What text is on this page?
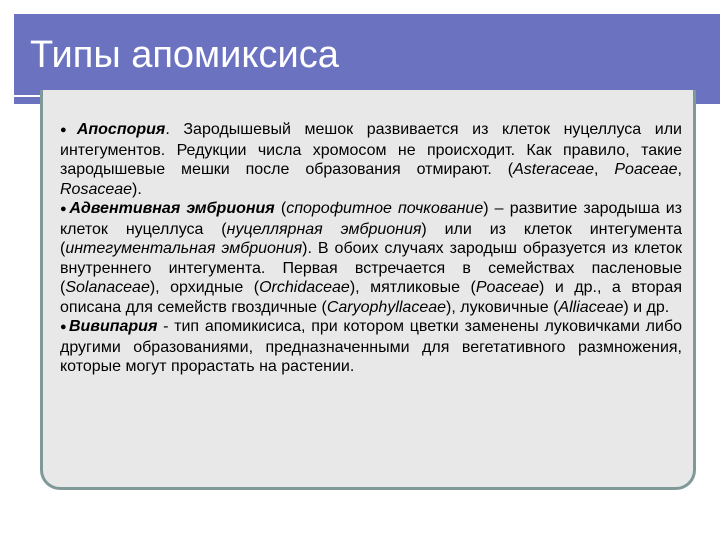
Типы апомиксиса

●Апоспория. Зародышевый мешок развивается из клеток нуцеллуса или интегументов. Редукции числа хромосом не происходит. Как правило, такие зародышевые мешки после образования отмирают. (Asteraceae, Poaceae, Rosaceae).

●Адвентивная эмбриония (спорофитное почкование) – развитие зародыша из клеток нуцеллуса (нуцеллярная эмбриония) или из клеток интегумента (интегументальная эмбриония). В обоих случаях зародыш образуется из клеток внутреннего интегумента. Первая встречается в семействах пасленовые (Solanaceae), орхидные (Orchidaceae), мятликовые (Poaceae) и др., а вторая описана для семейств гвоздичные (Caryophyllaceae), луковичные (Alliaceae) и др.

●Вивипария - тип апомикисиса, при котором цветки заменены луковичками либо другими образованиями, предназначенными для вегетативного размножения, которые могут прорастать на растении.
